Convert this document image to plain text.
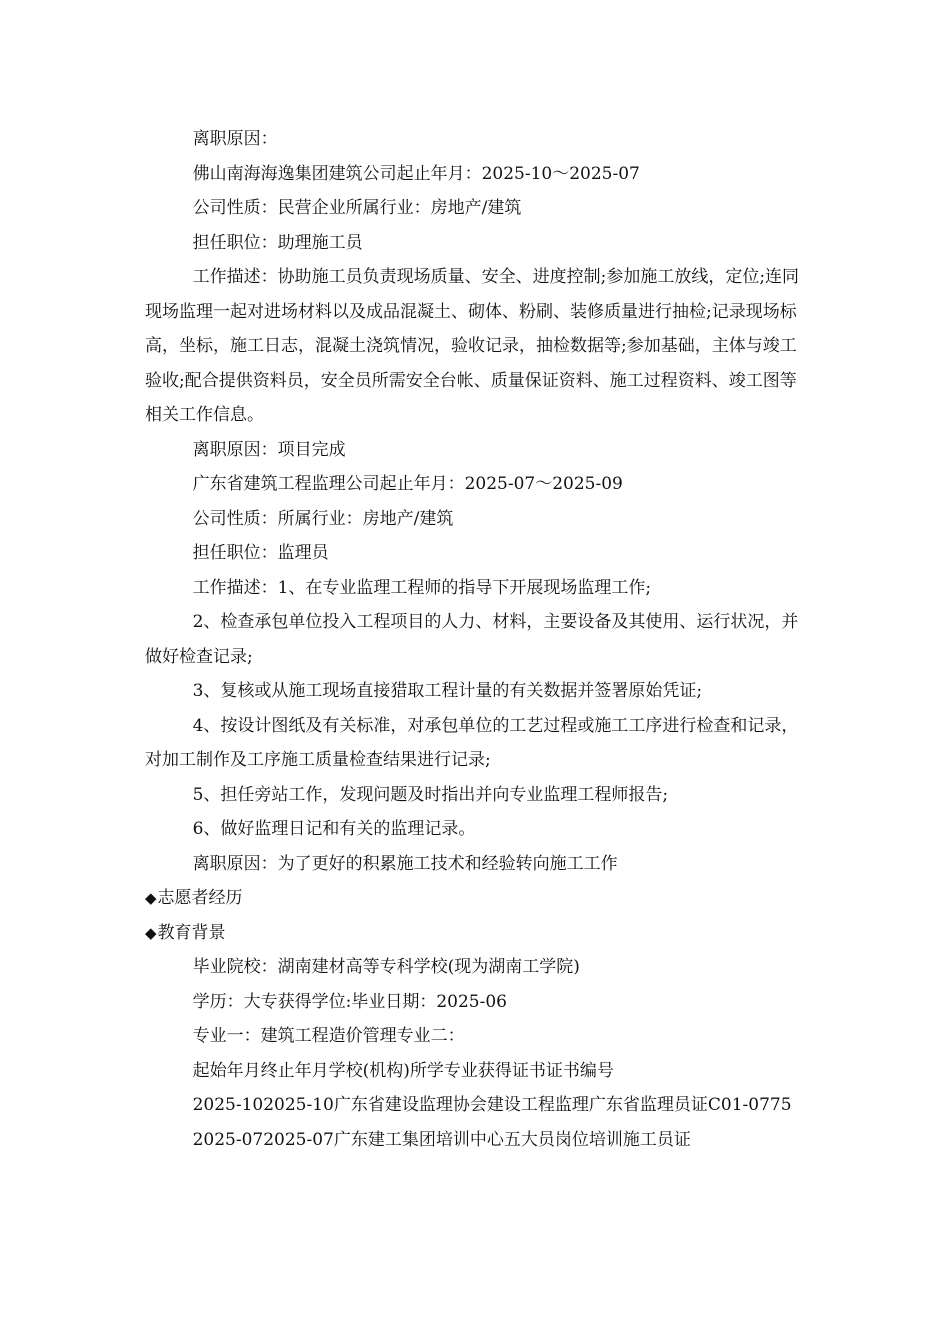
离职原因：

佛山南海海逸集团建筑公司起止年月：2025-10～2025-07

公司性质：民营企业所属行业：房地产/建筑

担任职位：助理施工员

工作描述：协助施工员负责现场质量、安全、进度控制;参加施工放线，定位;连同现场监理一起对进场材料以及成品混凝土、砌体、粉刷、装修质量进行抽检;记录现场标高，坐标，施工日志，混凝土浇筑情况，验收记录，抽检数据等;参加基础，主体与竣工验收;配合提供资料员，安全员所需安全台帐、质量保证资料、施工过程资料、竣工图等相关工作信息。

离职原因：项目完成

广东省建筑工程监理公司起止年月：2025-07～2025-09

公司性质：所属行业：房地产/建筑

担任职位：监理员

工作描述：1、在专业监理工程师的指导下开展现场监理工作;

2、检查承包单位投入工程项目的人力、材料，主要设备及其使用、运行状况，并做好检查记录;

3、复核或从施工现场直接猎取工程计量的有关数据并签署原始凭证;

4、按设计图纸及有关标准，对承包单位的工艺过程或施工工序进行检查和记录，对加工制作及工序施工质量检查结果进行记录;

5、担任旁站工作，发现问题及时指出并向专业监理工程师报告;

6、做好监理日记和有关的监理记录。

离职原因：为了更好的积累施工技术和经验转向施工工作

◆志愿者经历

◆教育背景

毕业院校：湖南建材高等专科学校(现为湖南工学院)

学历：大专获得学位:毕业日期：2025-06

专业一：建筑工程造价管理专业二：

起始年月终止年月学校(机构)所学专业获得证书证书编号

2025-102025-10广东省建设监理协会建设工程监理广东省监理员证C01-0775

2025-072025-07广东建工集团培训中心五大员岗位培训施工员证
